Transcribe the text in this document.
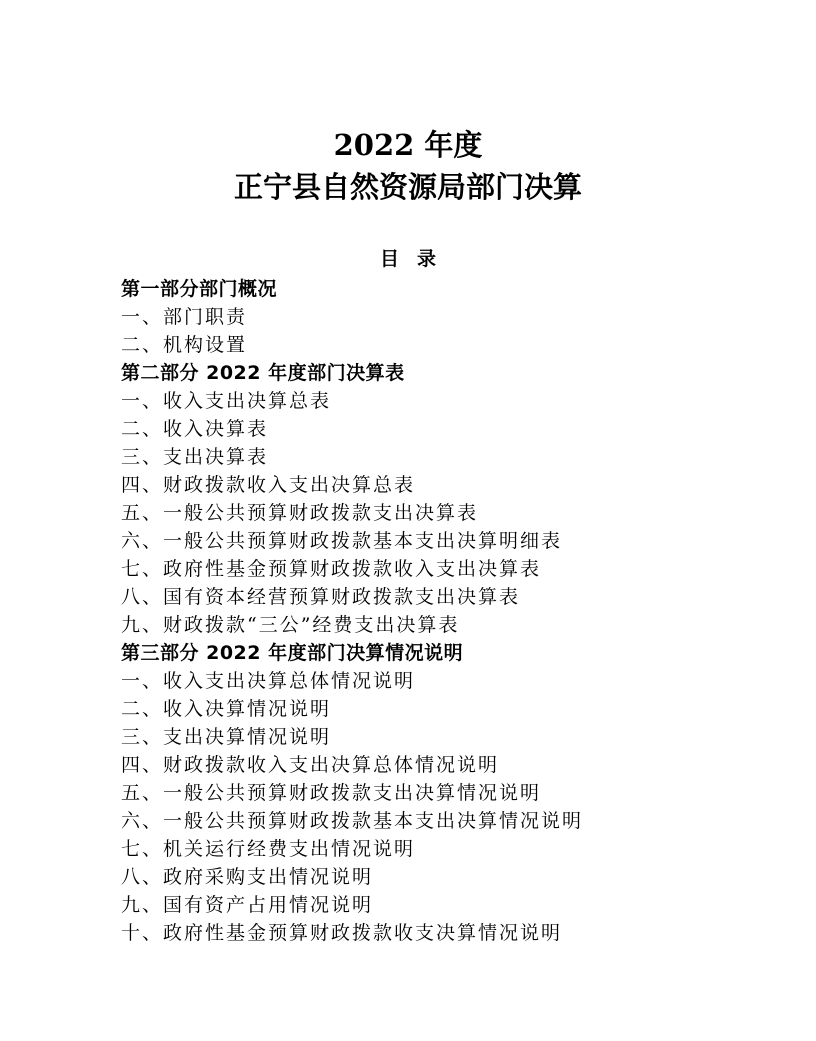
2022 年度
正宁县自然资源局部门决算
目录
第一部分部门概况
一、部门职责
二、机构设置
第二部分 2022 年度部门决算表
一、收入支出决算总表
二、收入决算表
三、支出决算表
四、财政拨款收入支出决算总表
五、一般公共预算财政拨款支出决算表
六、一般公共预算财政拨款基本支出决算明细表
七、政府性基金预算财政拨款收入支出决算表
八、国有资本经营预算财政拨款支出决算表
九、财政拨款“三公”经费支出决算表
第三部分 2022 年度部门决算情况说明
一、收入支出决算总体情况说明
二、收入决算情况说明
三、支出决算情况说明
四、财政拨款收入支出决算总体情况说明
五、一般公共预算财政拨款支出决算情况说明
六、一般公共预算财政拨款基本支出决算情况说明
七、机关运行经费支出情况说明
八、政府采购支出情况说明
九、国有资产占用情况说明
十、政府性基金预算财政拨款收支决算情况说明
